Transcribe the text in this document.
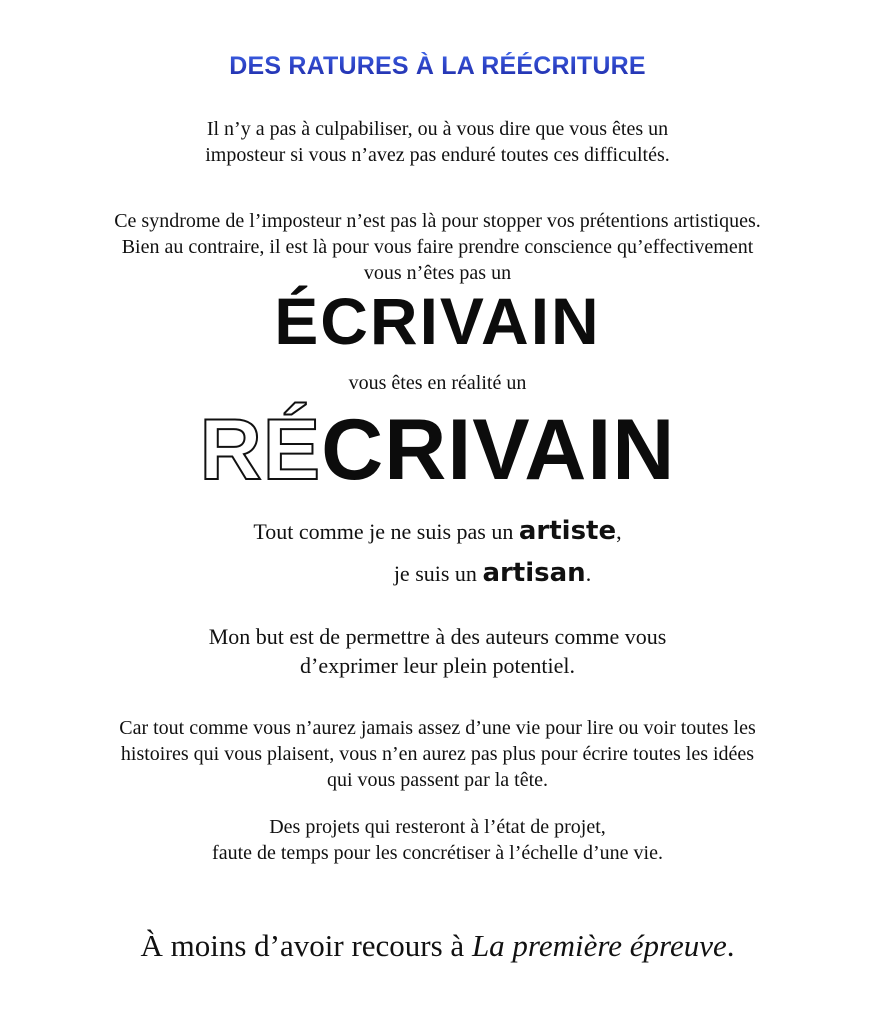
DES RATURES À LA RÉÉCRITURE
Il n’y a pas à culpabiliser, ou à vous dire que vous êtes un
imposteur si vous n’avez pas enduré toutes ces difficultés.
Ce syndrome de l’imposteur n’est pas là pour stopper vos prétentions artistiques.
Bien au contraire, il est là pour vous faire prendre conscience qu’effectivement
vous n’êtes pas un
ÉCRIVAIN
vous êtes en réalité un
RÉCRIVAIN
Tout comme je ne suis pas un artiste,
je suis un artisan.
Mon but est de permettre à des auteurs comme vous
d’exprimer leur plein potentiel.
Car tout comme vous n’aurez jamais assez d’une vie pour lire ou voir toutes les
histoires qui vous plaisent, vous n’en aurez pas plus pour écrire toutes les idées
qui vous passent par la tête.
Des projets qui resteront à l’état de projet,
faute de temps pour les concrétiser à l’échelle d’une vie.
À moins d’avoir recours à La première épreuve.
